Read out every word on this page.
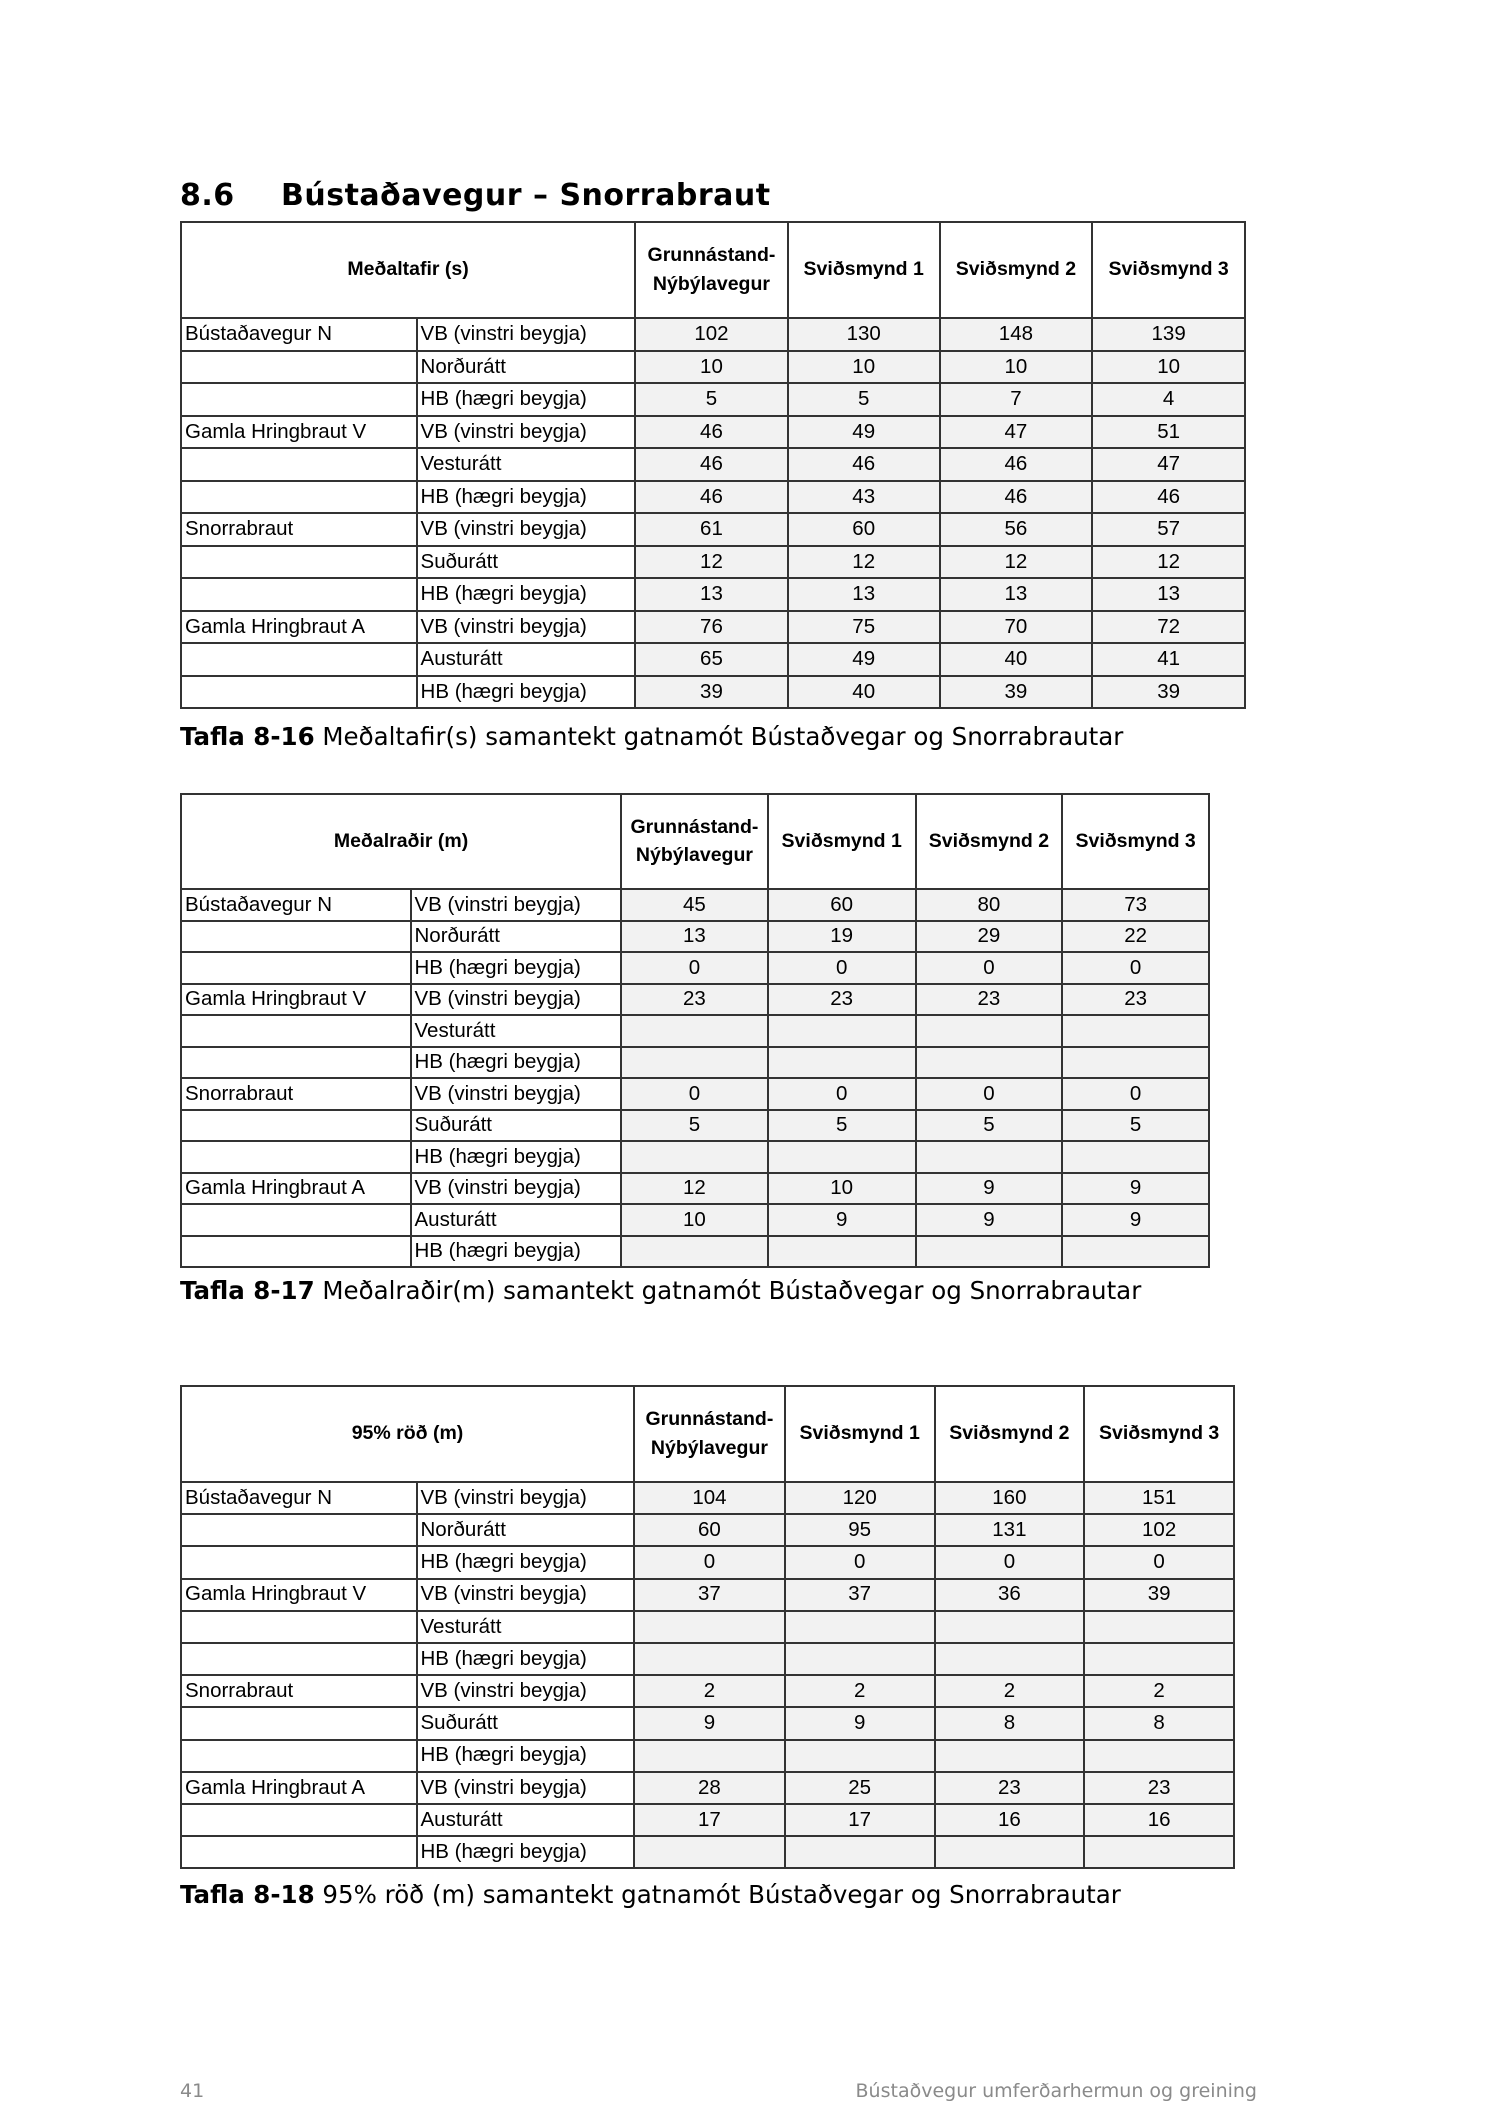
8.6 Bústaðavegur – Snorrabraut
Meðaltafir (s)		Grunnástand-
Nýbýlavegur	Sviðsmynd 1	Sviðsmynd 2	Sviðsmynd 3
Bústaðavegur N	VB (vinstri beygja)	102	130	148	139
	Norðurátt	10	10	10	10
	HB (hægri beygja)	5	5	7	4
Gamla Hringbraut V	VB (vinstri beygja)	46	49	47	51
	Vesturátt	46	46	46	47
	HB (hægri beygja)	46	43	46	46
Snorrabraut	VB (vinstri beygja)	61	60	56	57
	Suðurátt	12	12	12	12
	HB (hægri beygja)	13	13	13	13
Gamla Hringbraut A	VB (vinstri beygja)	76	75	70	72
	Austurátt	65	49	40	41
	HB (hægri beygja)	39	40	39	39

Tafla 8-16 Meðaltafir(s) samantekt gatnamót Bústaðvegar og Snorrabrautar

Meðalraðir (m)		Grunnástand-
Nýbýlavegur	Sviðsmynd 1	Sviðsmynd 2	Sviðsmynd 3
Bústaðavegur N	VB (vinstri beygja)	45	60	80	73
	Norðurátt	13	19	29	22
	HB (hægri beygja)	0	0	0	0
Gamla Hringbraut V	VB (vinstri beygja)	23	23	23	23
	Vesturátt				
	HB (hægri beygja)				
Snorrabraut	VB (vinstri beygja)	0	0	0	0
	Suðurátt	5	5	5	5
	HB (hægri beygja)				
Gamla Hringbraut A	VB (vinstri beygja)	12	10	9	9
	Austurátt	10	9	9	9
	HB (hægri beygja)				

Tafla 8-17 Meðalraðir(m) samantekt gatnamót Bústaðvegar og Snorrabrautar

95% röð (m)		Grunnástand-
Nýbýlavegur	Sviðsmynd 1	Sviðsmynd 2	Sviðsmynd 3
Bústaðavegur N	VB (vinstri beygja)	104	120	160	151
	Norðurátt	60	95	131	102
	HB (hægri beygja)	0	0	0	0
Gamla Hringbraut V	VB (vinstri beygja)	37	37	36	39
	Vesturátt				
	HB (hægri beygja)				
Snorrabraut	VB (vinstri beygja)	2	2	2	2
	Suðurátt	9	9	8	8
	HB (hægri beygja)				
Gamla Hringbraut A	VB (vinstri beygja)	28	25	23	23
	Austurátt	17	17	16	16
	HB (hægri beygja)				

Tafla 8-18 95% röð (m) samantekt gatnamót Bústaðvegar og Snorrabrautar

41	Bústaðvegur umferðarhermun og greining
